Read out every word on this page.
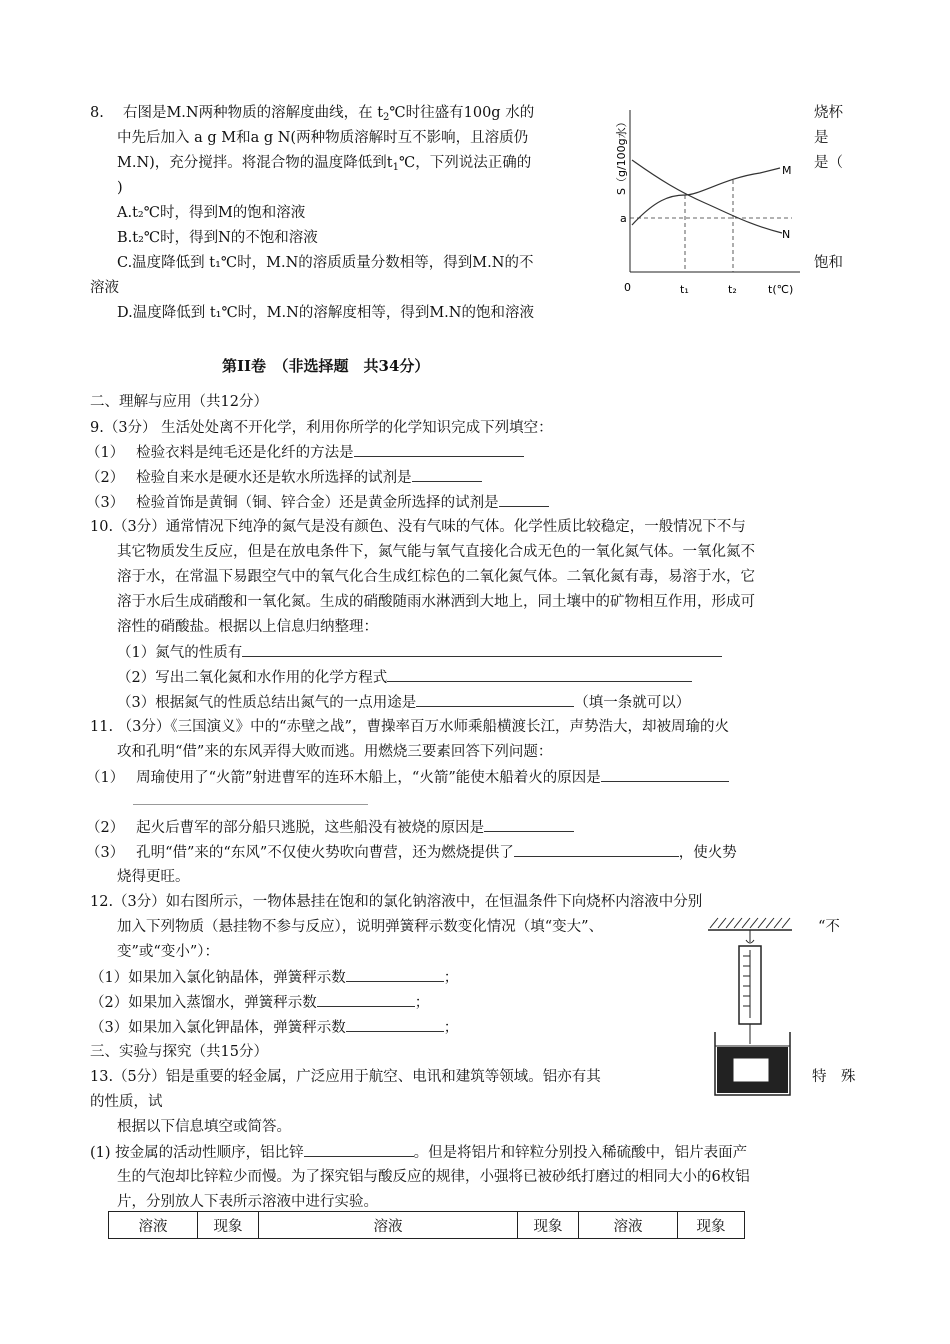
8.　 右图是M.N两种物质的溶解度曲线，在 $t_2℃$时往盛有100g 水的
中先后加入 a g M和a g N(两种物质溶解时互不影响，且溶质仍
M.N)，充分搅拌。将混合物的温度降低到$t_1℃$，下列说法正确的
)
A.t₂℃时，得到M的饱和溶液
B.t₂℃时，得到N的不饱和溶液
C.温度降低到 t₁℃时，M.N的溶质质量分数相等，得到M.N的不
溶液
D.温度降低到 t₁℃时，M.N的溶解度相等，得到M.N的饱和溶液
烧杯
是
是（
饱和
S（g/100g水）	M
N
a
0	t₁	t₂	t(℃)
第II卷　（非选择题　共34分）
二、理解与应用（共12分）
9.（3分） 生活处处离不开化学，利用你所学的化学知识完成下列填空：
（1）　 检验衣料是纯毛还是化纤的方法是
（2）　 检验自来水是硬水还是软水所选择的试剂是
（3）　 检验首饰是黄铜（铜、锌合金）还是黄金所选择的试剂是
10.（3分）通常情况下纯净的氮气是没有颜色、没有气味的气体。化学性质比较稳定，一般情况下不与
其它物质发生反应，但是在放电条件下，氮气能与氧气直接化合成无色的一氧化氮气体。一氧化氮不
溶于水，在常温下易跟空气中的氧气化合生成红棕色的二氧化氮气体。二氧化氮有毒，易溶于水，它
溶于水后生成硝酸和一氧化氮。生成的硝酸随雨水淋洒到大地上，同土壤中的矿物相互作用，形成可
溶性的硝酸盐。根据以上信息归纳整理：
（1）氮气的性质有
（2）写出二氧化氮和水作用的化学方程式
（3）根据氮气的性质总结出氮气的一点用途是	（填一条就可以）
11. （3分）《三国演义》中的“赤壁之战”，曹操率百万水师乘船横渡长江，声势浩大，却被周瑜的火
攻和孔明“借”来的东风弄得大败而逃。用燃烧三要素回答下列问题：
（1）　 周瑜使用了“火箭”射进曹军的连环木船上，“火箭”能使木船着火的原因是
（2）　 起火后曹军的部分船只逃脱，这些船没有被烧的原因是
（3）　 孔明“借”来的“东风”不仅使火势吹向曹营，还为燃烧提供了	，使火势
烧得更旺。
12.（3分）如右图所示，一物体悬挂在饱和的氯化钠溶液中，在恒温条件下向烧杯内溶液中分别
加入下列物质（悬挂物不参与反应），说明弹簧秤示数变化情况（填“变大”、	“不
变”或“变小”）：
（1）如果加入氯化钠晶体，弹簧秤示数	；
（2）如果加入蒸馏水，弹簧秤示数	；
（3）如果加入氯化钾晶体，弹簧秤示数	；
三、实验与探究（共15分）
13.（5分）铝是重要的轻金属，广泛应用于航空、电讯和建筑等领域。铝亦有其	特　殊
的性质，试
根据以下信息填空或简答。
(1) 按金属的活动性顺序，铝比锌	。但是将铝片和锌粒分别投入稀硫酸中，铝片表面产
生的气泡却比锌粒少而慢。为了探究铝与酸反应的规律，小强将已被砂纸打磨过的相同大小的6枚铝
片，分别放人下表所示溶液中进行实验。
溶液	现象	溶液	现象	溶液	现象
